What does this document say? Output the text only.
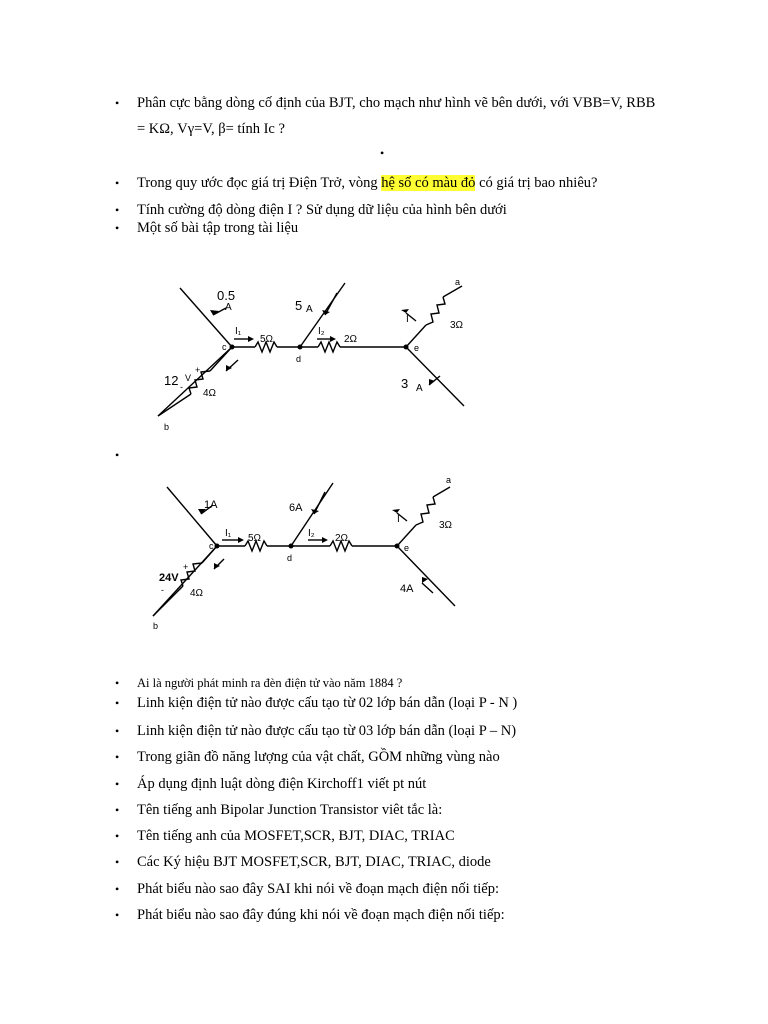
• Phân cực bằng dòng cố định của BJT, cho mạch như hình vẽ bên dưới, với VBB=V, RBB
= KΩ, Vγ=V, β= tính Ic ?
•
• Trong quy ước đọc giá trị Điện Trở, vòng hệ số có màu đỏ có giá trị bao nhiêu?
• Tính cường độ dòng điện I ? Sử dụng dữ liệu của hình bên dưới
• Một số bài tập trong tài liệu
0.5
A	5 A
I₁
5Ω
I₂
2Ω
I
3Ω
3 A
12 V
+
-
4Ω
a
b
c
d
e
•
1A	6A
I₁ 5Ω	I₂ 2Ω
I
3Ω
4A
24V
+
-	4Ω
a
b
c
d
e
• Ai là người phát minh ra đèn điện tử vào năm 1884 ?
• Linh kiện điện tử nào được cấu tạo từ 02 lớp bán dẫn (loại P - N )
• Linh kiện điện tử nào được cấu tạo từ 03 lớp bán dẫn (loại P – N)
• Trong giãn đồ năng lượng của vật chất, GỒM những vùng nào
• Áp dụng định luật dòng điện Kirchoff1 viết pt nút
• Tên tiếng anh Bipolar Junction Transistor viêt tắc là:
• Tên tiếng anh của MOSFET,SCR, BJT, DIAC, TRIAC
• Các Ký hiệu BJT MOSFET,SCR, BJT, DIAC, TRIAC, diode
• Phát biểu nào sao đây SAI khi nói về đoạn mạch điện nối tiếp:
• Phát biểu nào sao đây đúng khi nói về đoạn mạch điện nối tiếp:
